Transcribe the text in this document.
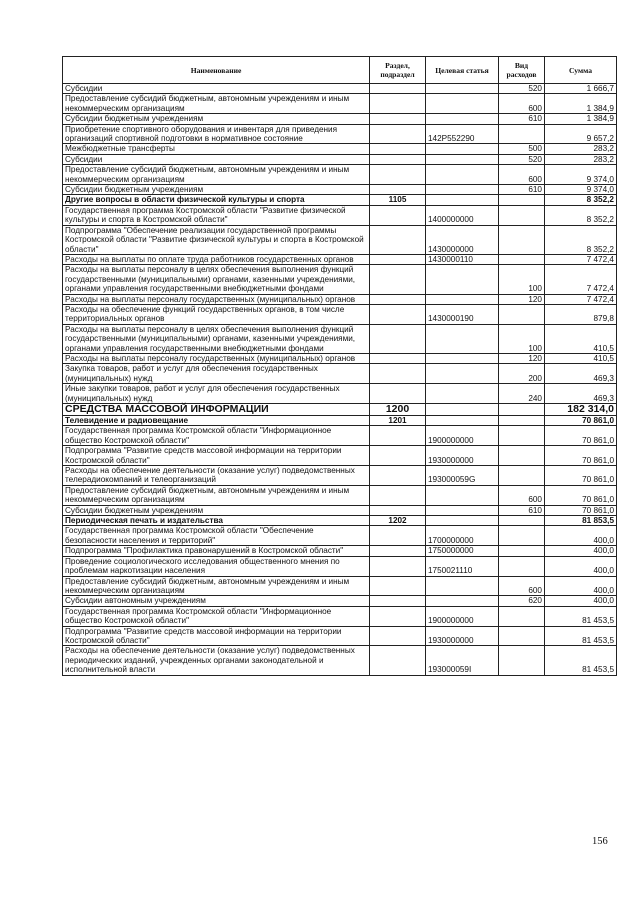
Наименование	Раздел, подраздел	Целевая статья	Вид расходов	Сумма
Субсидии			520	1 666,7
Предоставление субсидий бюджетным, автономным учреждениям и иным некоммерческим организациям			600	1 384,9
Субсидии бюджетным учреждениям			610	1 384,9
Приобретение спортивного оборудования и инвентаря для приведения организаций спортивной подготовки в нормативное состояние		142Р552290		9 657,2
Межбюджетные трансферты			500	283,2
Субсидии			520	283,2
Предоставление субсидий бюджетным, автономным учреждениям и иным некоммерческим организациям			600	9 374,0
Субсидии бюджетным учреждениям			610	9 374,0
Другие вопросы в области физической культуры и спорта	1105			8 352,2
Государственная программа Костромской области "Развитие физической культуры и спорта в Костромской области"		1400000000		8 352,2
Подпрограмма "Обеспечение реализации государственной программы Костромской области "Развитие физической культуры и спорта в Костромской области"		1430000000		8 352,2
Расходы на выплаты по оплате труда работников государственных органов		1430000110		7 472,4
Расходы на выплаты персоналу в целях обеспечения выполнения функций государственными (муниципальными) органами, казенными учреждениями, органами управления государственными внебюджетными фондами			100	7 472,4
Расходы на выплаты персоналу государственных (муниципальных) органов			120	7 472,4
Расходы на обеспечение функций государственных органов, в том числе территориальных органов		1430000190		879,8
Расходы на выплаты персоналу в целях обеспечения выполнения функций государственными (муниципальными) органами, казенными учреждениями, органами управления государственными внебюджетными фондами			100	410,5
Расходы на выплаты персоналу государственных (муниципальных) органов			120	410,5
Закупка товаров, работ и услуг для обеспечения государственных (муниципальных) нужд			200	469,3
Иные закупки товаров, работ и услуг для обеспечения государственных (муниципальных) нужд			240	469,3
СРЕДСТВА МАССОВОЙ ИНФОРМАЦИИ	1200			182 314,0
Телевидение и радиовещание	1201			70 861,0
Государственная программа Костромской области "Информационное общество Костромской области"		1900000000		70 861,0
Подпрограмма "Развитие средств массовой информации на территории Костромской области"		1930000000		70 861,0
Расходы на обеспечение деятельности (оказание услуг) подведомственных телерадиокомпаний и телеорганизаций		193000059G		70 861,0
Предоставление субсидий бюджетным, автономным учреждениям и иным некоммерческим организациям			600	70 861,0
Субсидии бюджетным учреждениям			610	70 861,0
Периодическая печать и издательства	1202			81 853,5
Государственная программа Костромской области "Обеспечение безопасности населения и территорий"		1700000000		400,0
Подпрограмма "Профилактика правонарушений в Костромской области"		1750000000		400,0
Проведение социологического исследования общественного мнения по проблемам наркотизации населения		1750021110		400,0
Предоставление субсидий бюджетным, автономным учреждениям и иным некоммерческим организациям			600	400,0
Субсидии автономным учреждениям			620	400,0
Государственная программа Костромской области "Информационное общество Костромской области"		1900000000		81 453,5
Подпрограмма "Развитие средств массовой информации на территории Костромской области"		1930000000		81 453,5
Расходы на обеспечение деятельности (оказание услуг) подведомственных периодических изданий, учрежденных органами законодательной и исполнительной власти		193000059I		81 453,5
156
